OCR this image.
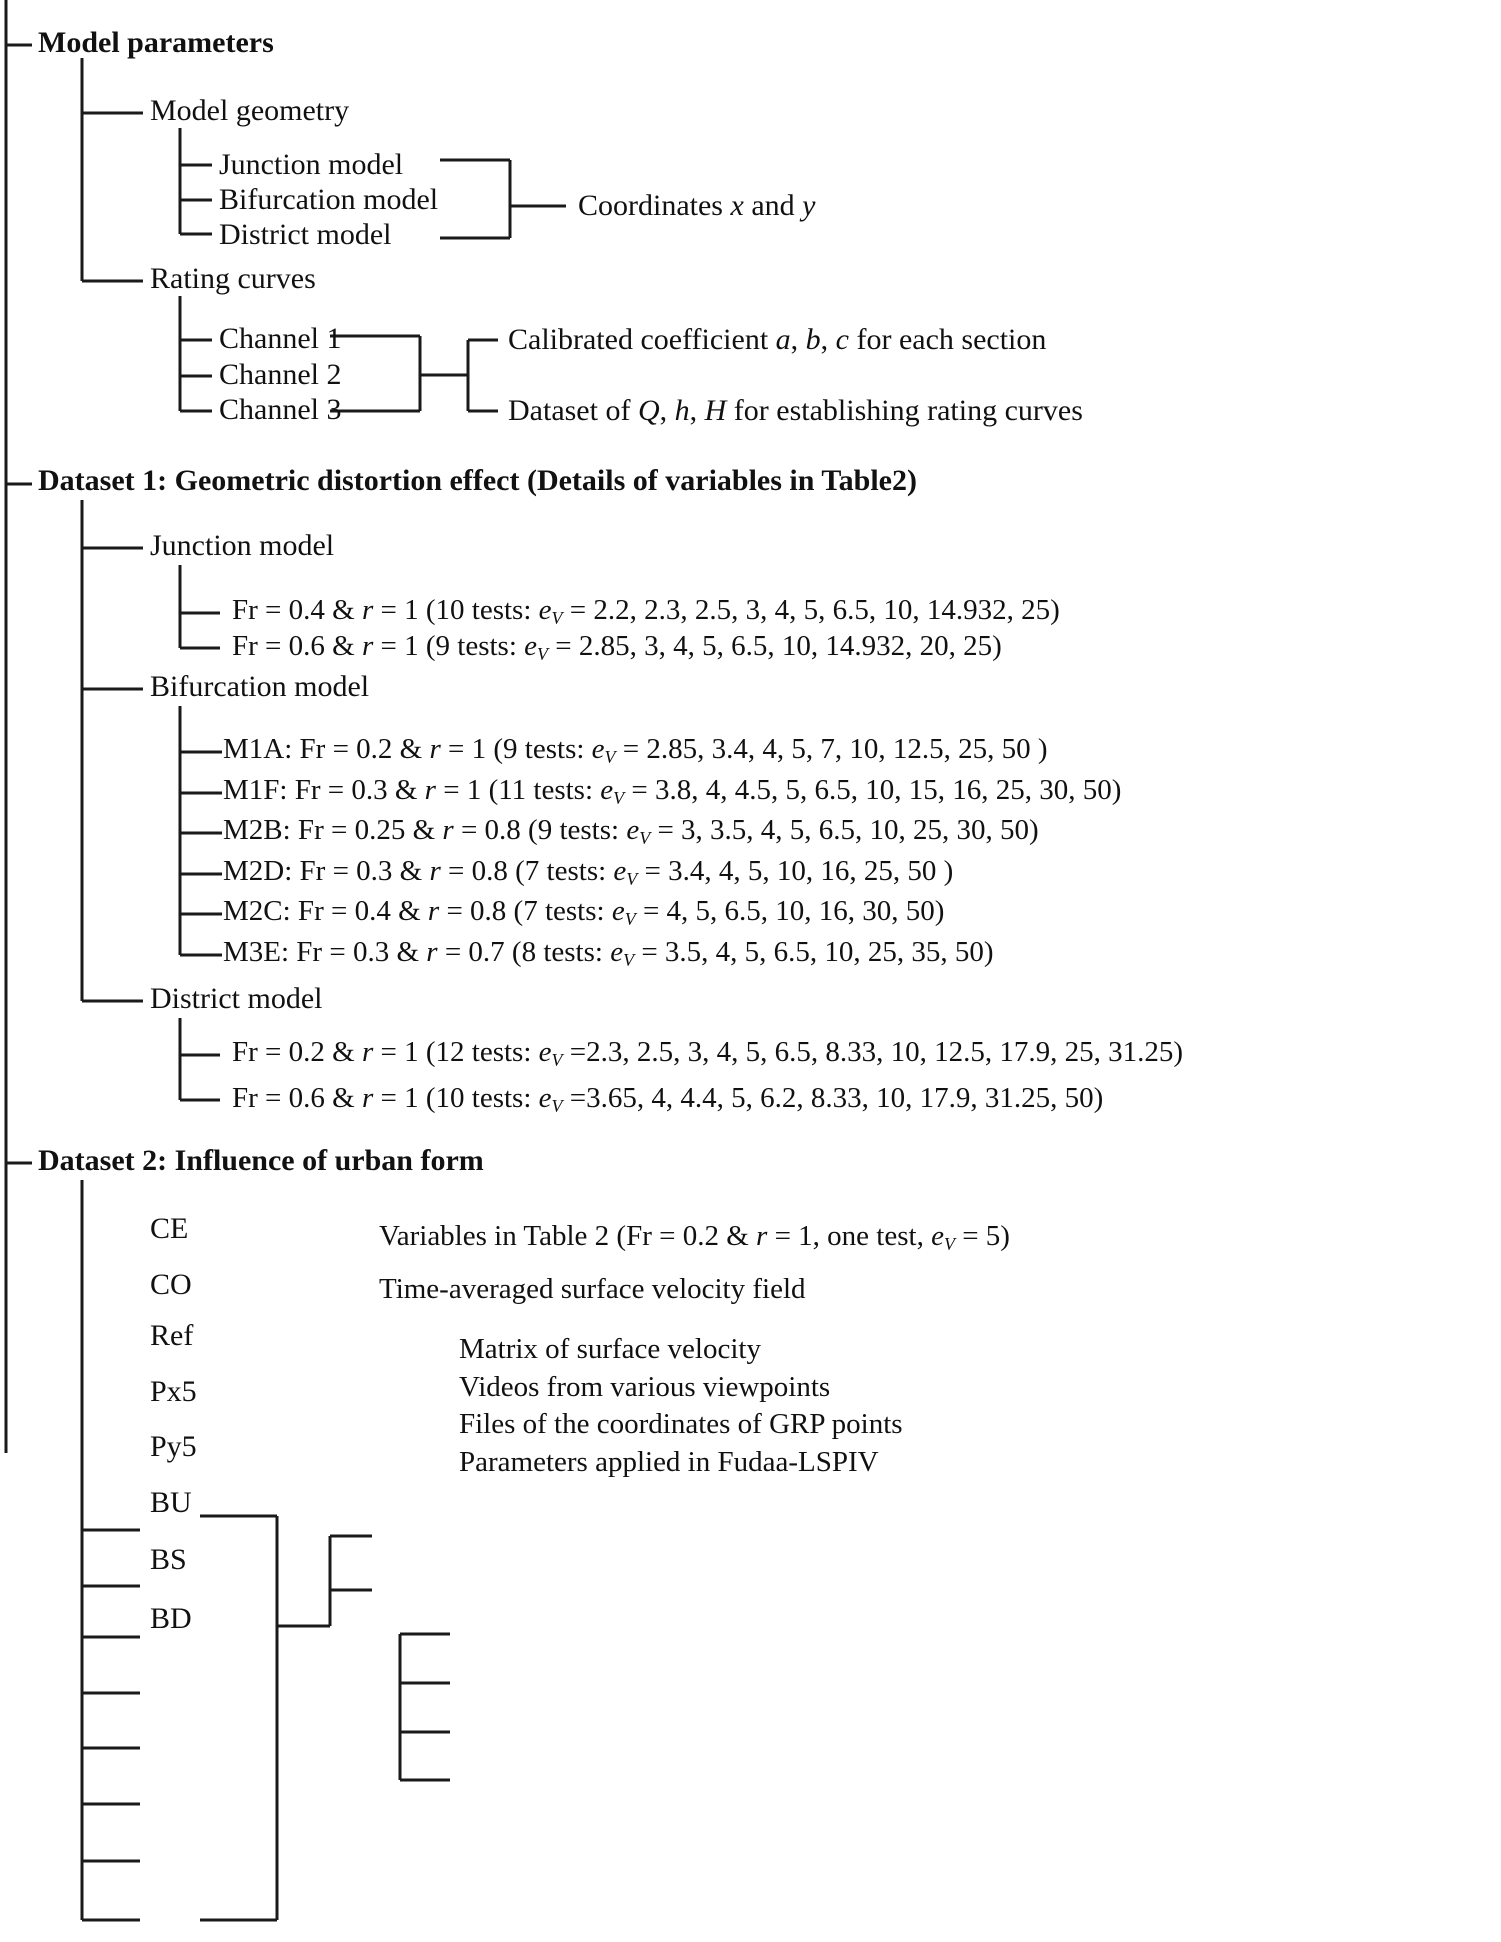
Model parameters
Model geometry
Junction model
Bifurcation model
District model
Coordinates x and y
Rating curves
Channel 1
Channel 2
Channel 3
Calibrated coefficient a, b, c for each section
Dataset of Q, h, H for establishing rating curves
Dataset 1: Geometric distortion effect (Details of variables in Table2)
Junction model
Fr = 0.4 & r = 1 (10 tests: $e_V = 2.2$, 2.3, 2.5, 3, 4, 5, 6.5, 10, 14.932, 25)
Fr = 0.6 & r = 1 (9 tests: $e_V = 2.85$, 3, 4, 5, 6.5, 10, 14.932, 20, 25)
Bifurcation model
M1A: Fr = 0.2 & r = 1 (9 tests: $e_V = 2.85$, 3.4, 4, 5, 7, 10, 12.5, 25, 50 )
M1F: Fr = 0.3 & r = 1 (11 tests: $e_V = 3.8$, 4, 4.5, 5, 6.5, 10, 15, 16, 25, 30, 50)
M2B: Fr = 0.25 & r = 0.8 (9 tests: $e_V = 3$, 3.5, 4, 5, 6.5, 10, 25, 30, 50)
M2D: Fr = 0.3 & r = 0.8 (7 tests: $e_V = 3.4$, 4, 5, 10, 16, 25, 50 )
M2C: Fr = 0.4 & r = 0.8 (7 tests: $e_V = 4$, 5, 6.5, 10, 16, 30, 50)
M3E: Fr = 0.3 & r = 0.7 (8 tests: $e_V = 3.5$, 4, 5, 6.5, 10, 25, 35, 50)
District model
Fr = 0.2 & r = 1 (12 tests: $e_V =2.3$, 2.5, 3, 4, 5, 6.5, 8.33, 10, 12.5, 17.9, 25, 31.25)
Fr = 0.6 & r = 1 (10 tests: $e_V =3.65$, 4, 4.4, 5, 6.2, 8.33, 10, 17.9, 31.25, 50)
Dataset 2: Influence of urban form
CE
CO
Ref
Px5
Py5
BU
BS
BD
Variables in Table 2 (Fr = 0.2 & r = 1, one test, $e_V = 5$)
Time-averaged surface velocity field
Matrix of surface velocity
Videos from various viewpoints
Files of the coordinates of GRP points
Parameters applied in Fudaa-LSPIV
